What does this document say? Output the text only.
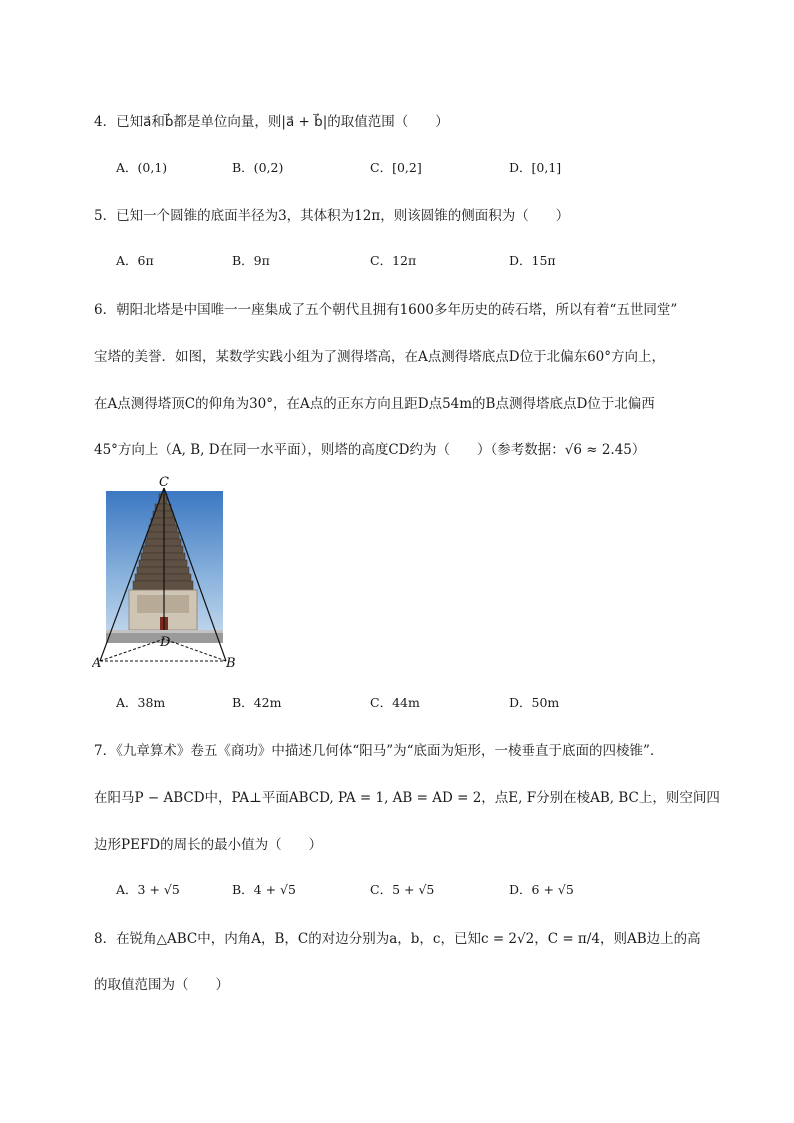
4．已知a⃗和b⃗都是单位向量，则|a⃗ + b⃗|的取值范围（　　）
A．(0,1)	B．(0,2)	C．[0,2]	D．[0,1]
5．已知一个圆锥的底面半径为3，其体积为12π，则该圆锥的侧面积为（　　）
A．6π	B．9π	C．12π	D．15π
6．朝阳北塔是中国唯一一座集成了五个朝代且拥有1600多年历史的砖石塔，所以有着“五世同堂”
宝塔的美誉．如图，某数学实践小组为了测得塔高，在A点测得塔底点D位于北偏东60°方向上，
在A点测得塔顶C的仰角为30°，在A点的正东方向且距D点54m的B点测得塔底点D位于北偏西
45°方向上（A, B, D在同一水平面），则塔的高度CD约为（　　）（参考数据：√6 ≈ 2.45）
C
D
A	B
A．38m	B．42m	C．44m	D．50m
7．《九章算术》卷五《商功》中描述几何体“阳马”为“底面为矩形，一棱垂直于底面的四棱锥”．
在阳马P − ABCD中，PA⊥平面ABCD, PA = 1, AB = AD = 2，点E, F分别在棱AB, BC上，则空间四
边形PEFD的周长的最小值为（　　）
A．3 + √5	B．4 + √5	C．5 + √5	D．6 + √5
8．在锐角△ABC中，内角A，B，C的对边分别为a，b，c，已知c = 2√2，C = π/4，则AB边上的高
的取值范围为（　　）
